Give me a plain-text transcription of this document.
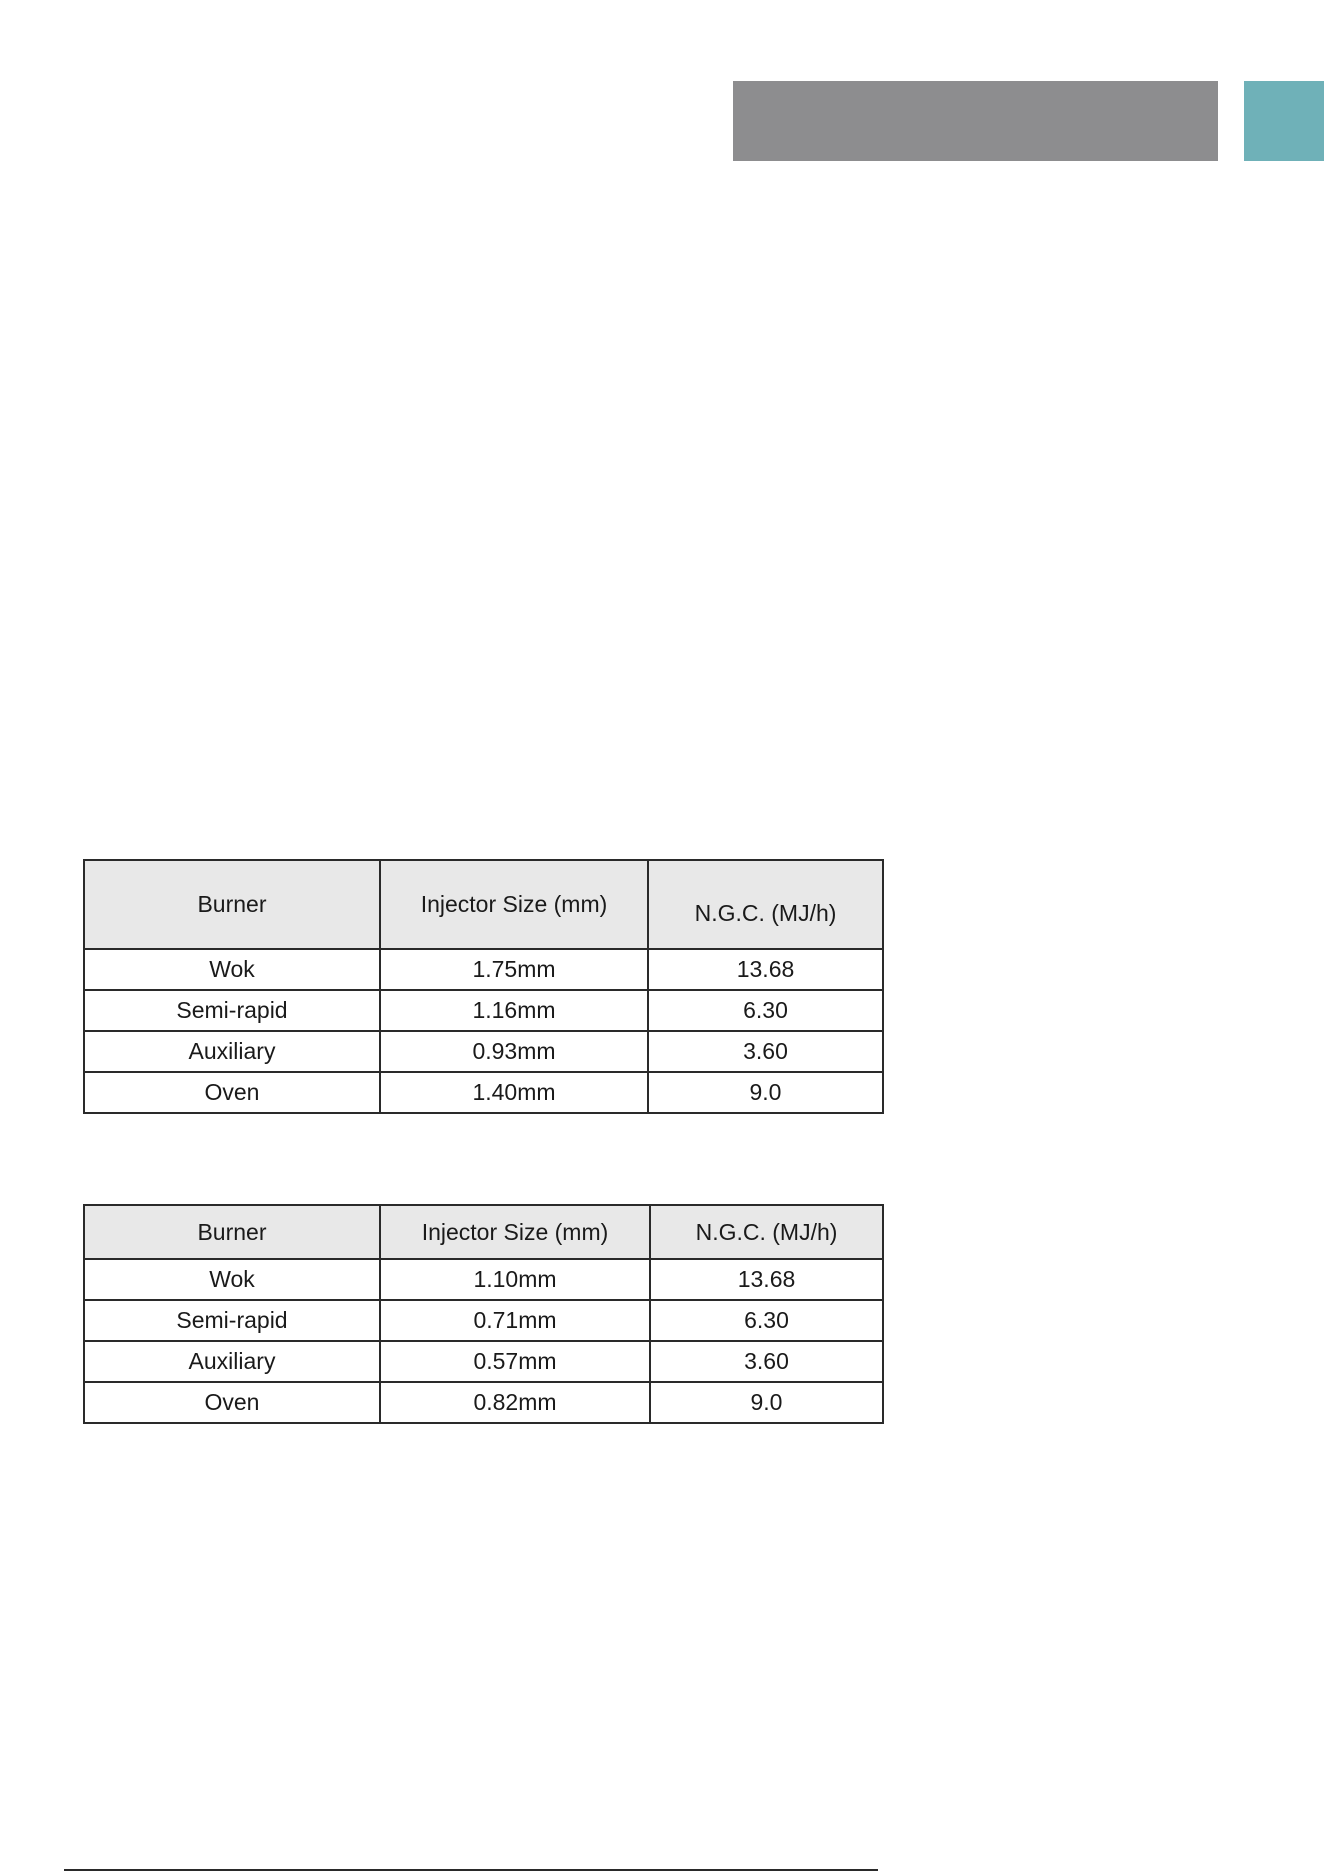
Burner	Injector Size (mm)	N.G.C. (MJ/h)
Wok	1.75mm	13.68
Semi-rapid	1.16mm	6.30
Auxiliary	0.93mm	3.60
Oven	1.40mm	9.0
Burner	Injector Size (mm)	N.G.C. (MJ/h)
Wok	1.10mm	13.68
Semi-rapid	0.71mm	6.30
Auxiliary	0.57mm	3.60
Oven	0.82mm	9.0
